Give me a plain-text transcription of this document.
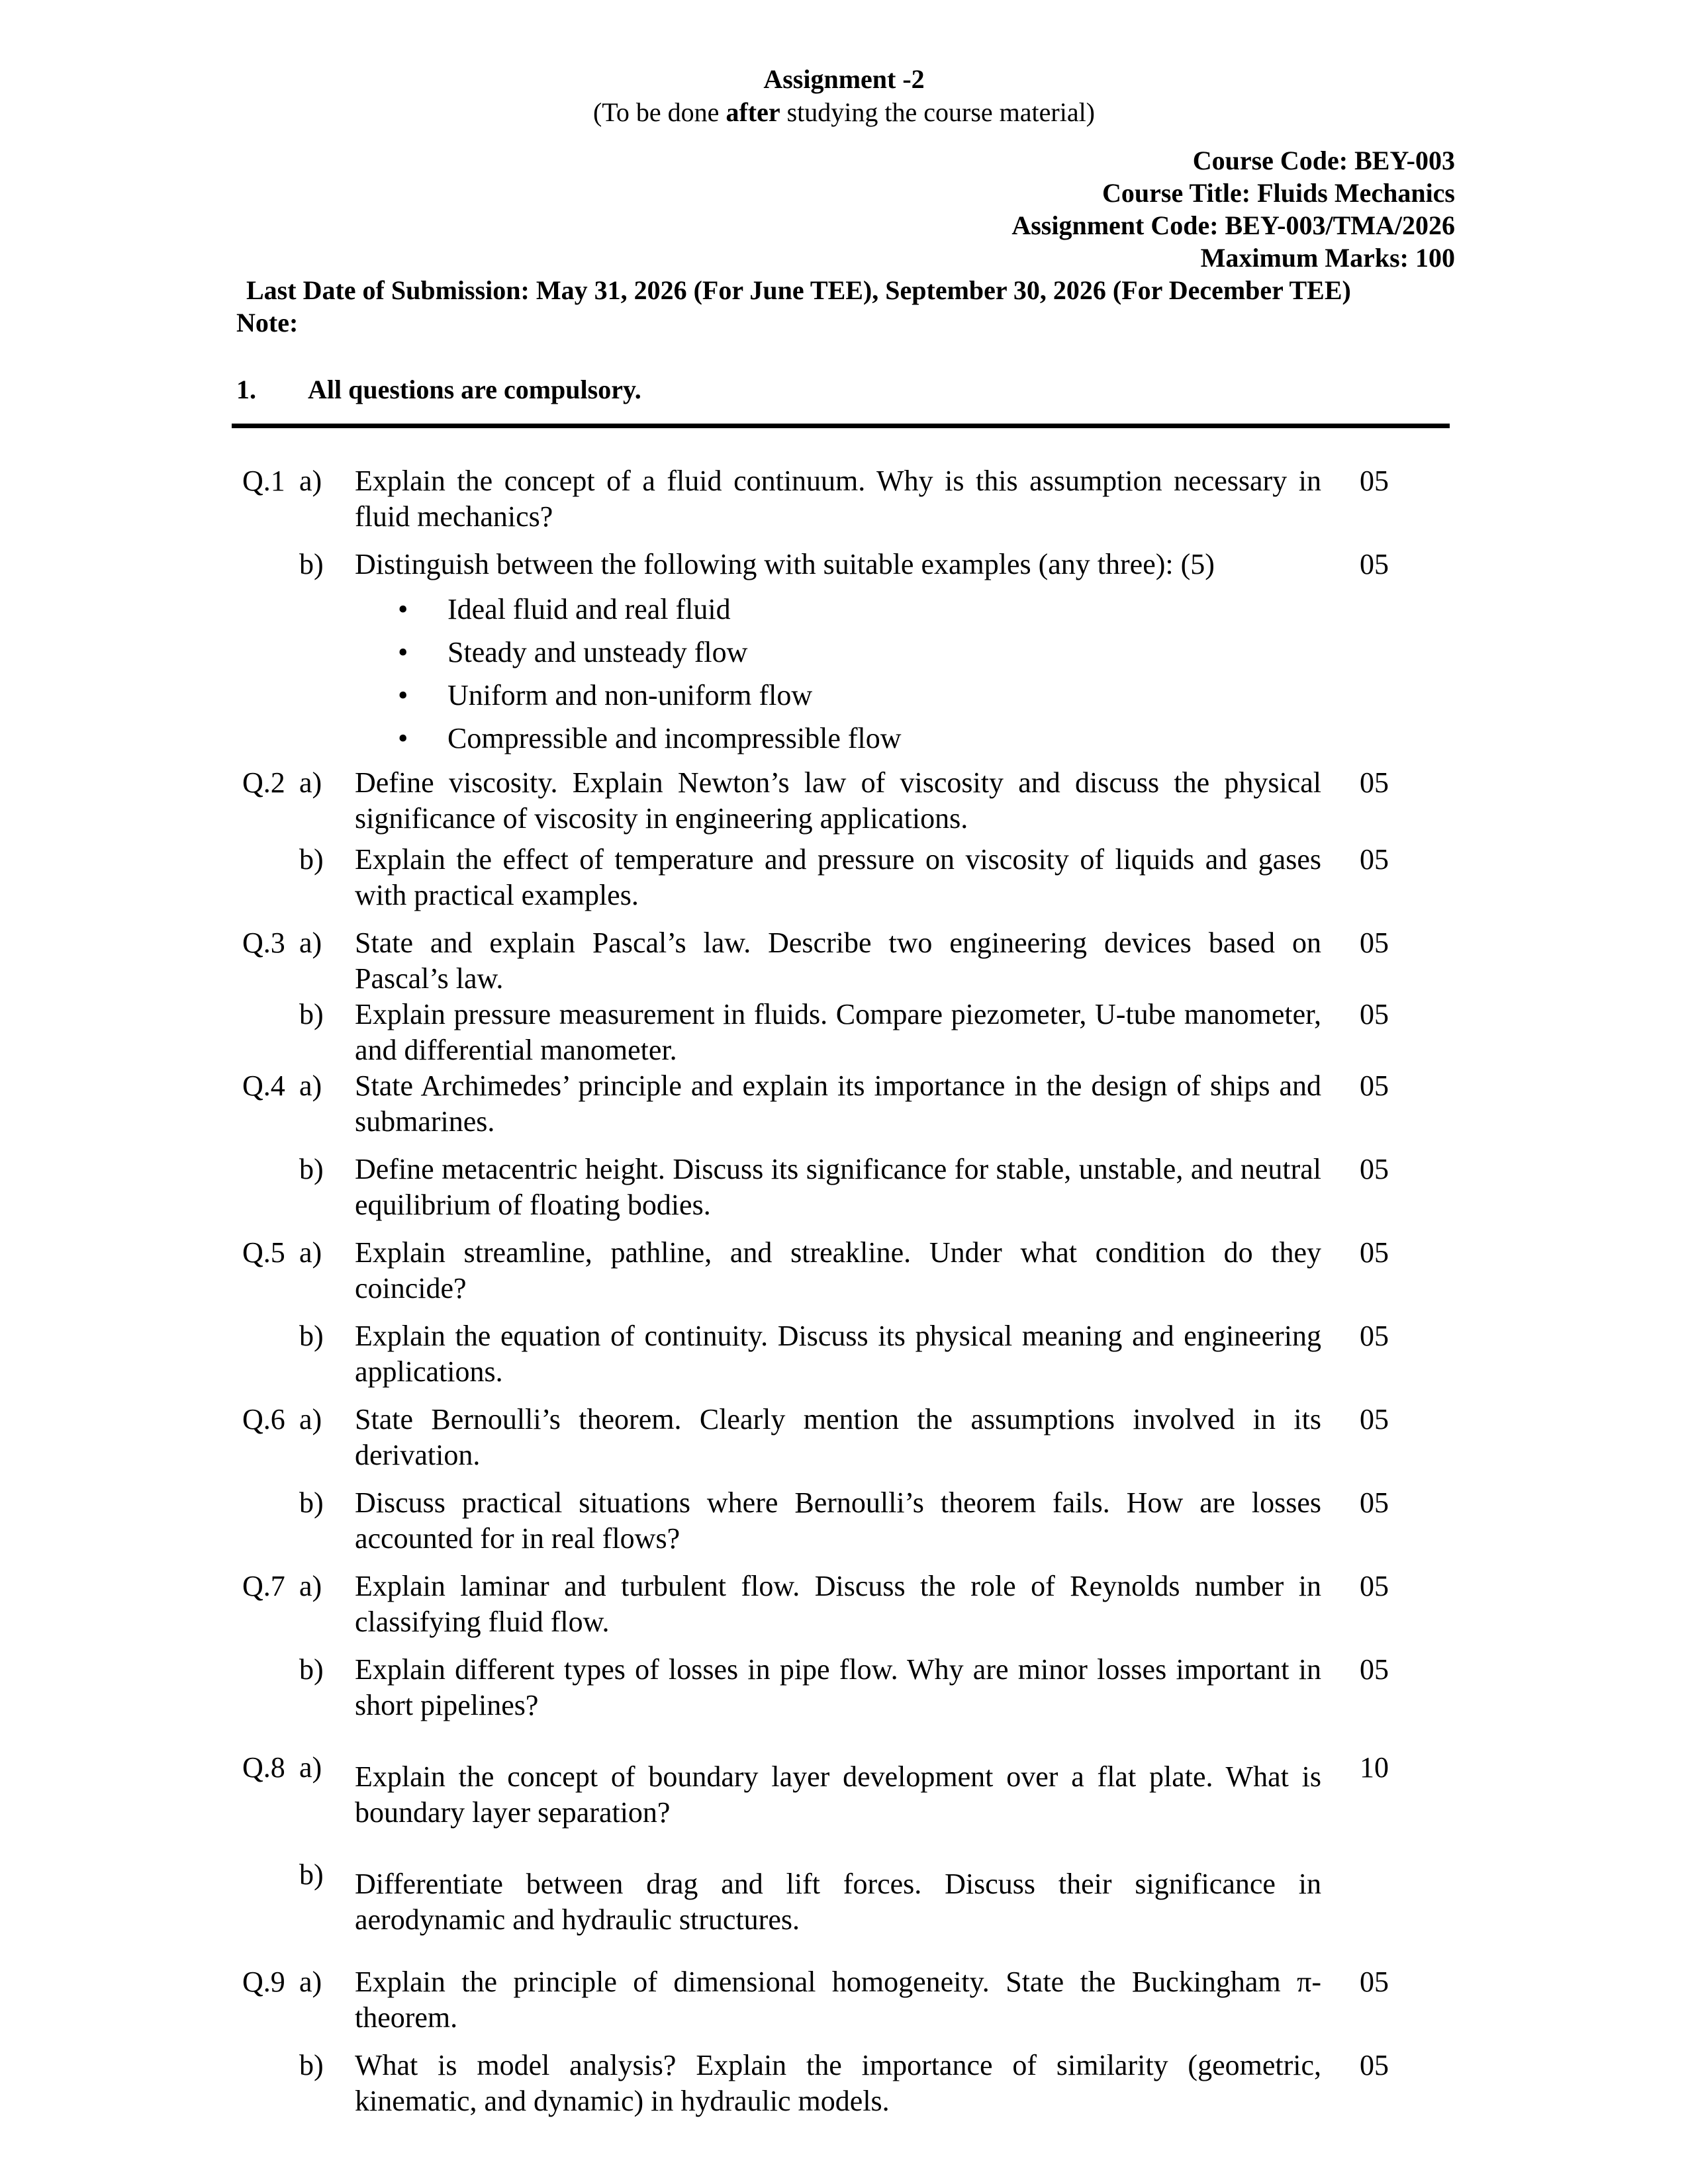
Assignment -2
(To be done after studying the course material)
Course Code: BEY-003
Course Title: Fluids Mechanics
Assignment Code: BEY-003/TMA/2026
Maximum Marks: 100
Last Date of Submission: May 31, 2026 (For June TEE), September 30, 2026 (For December TEE)
Note:
1. All questions are compulsory.
Q.1 a)	Explain the concept of a fluid continuum. Why is this assumption necessary in fluid mechanics?
05
b)	Distinguish between the following with suitable examples (any three): (5)
• Ideal fluid and real fluid
• Steady and unsteady flow
• Uniform and non-uniform flow
• Compressible and incompressible flow
05
Q.2 a)	Define viscosity. Explain Newton’s law of viscosity and discuss the physical significance of viscosity in engineering applications.
05
b)	Explain the effect of temperature and pressure on viscosity of liquids and gases with practical examples.
05
Q.3 a)	State and explain Pascal’s law. Describe two engineering devices based on Pascal’s law.
05
b)	Explain pressure measurement in fluids. Compare piezometer, U-tube manometer, and differential manometer.
05
Q.4 a)	State Archimedes’ principle and explain its importance in the design of ships and submarines.
05
b)	Define metacentric height. Discuss its significance for stable, unstable, and neutral equilibrium of floating bodies.
05
Q.5 a)	Explain streamline, pathline, and streakline. Under what condition do they coincide?
05
b)	Explain the equation of continuity. Discuss its physical meaning and engineering applications.
05
Q.6 a)	State Bernoulli’s theorem. Clearly mention the assumptions involved in its derivation.
05
b)	Discuss practical situations where Bernoulli’s theorem fails. How are losses accounted for in real flows?
05
Q.7 a)	Explain laminar and turbulent flow. Discuss the role of Reynolds number in classifying fluid flow.
05
b)	Explain different types of losses in pipe flow. Why are minor losses important in short pipelines?
05
Q.8 a)	Explain the concept of boundary layer development over a flat plate. What is boundary layer separation?
10
b)	Differentiate between drag and lift forces. Discuss their significance in aerodynamic and hydraulic structures.
Q.9 a)	Explain the principle of dimensional homogeneity. State the Buckingham π-theorem.
05
b)	What is model analysis? Explain the importance of similarity (geometric, kinematic, and dynamic) in hydraulic models.
05
